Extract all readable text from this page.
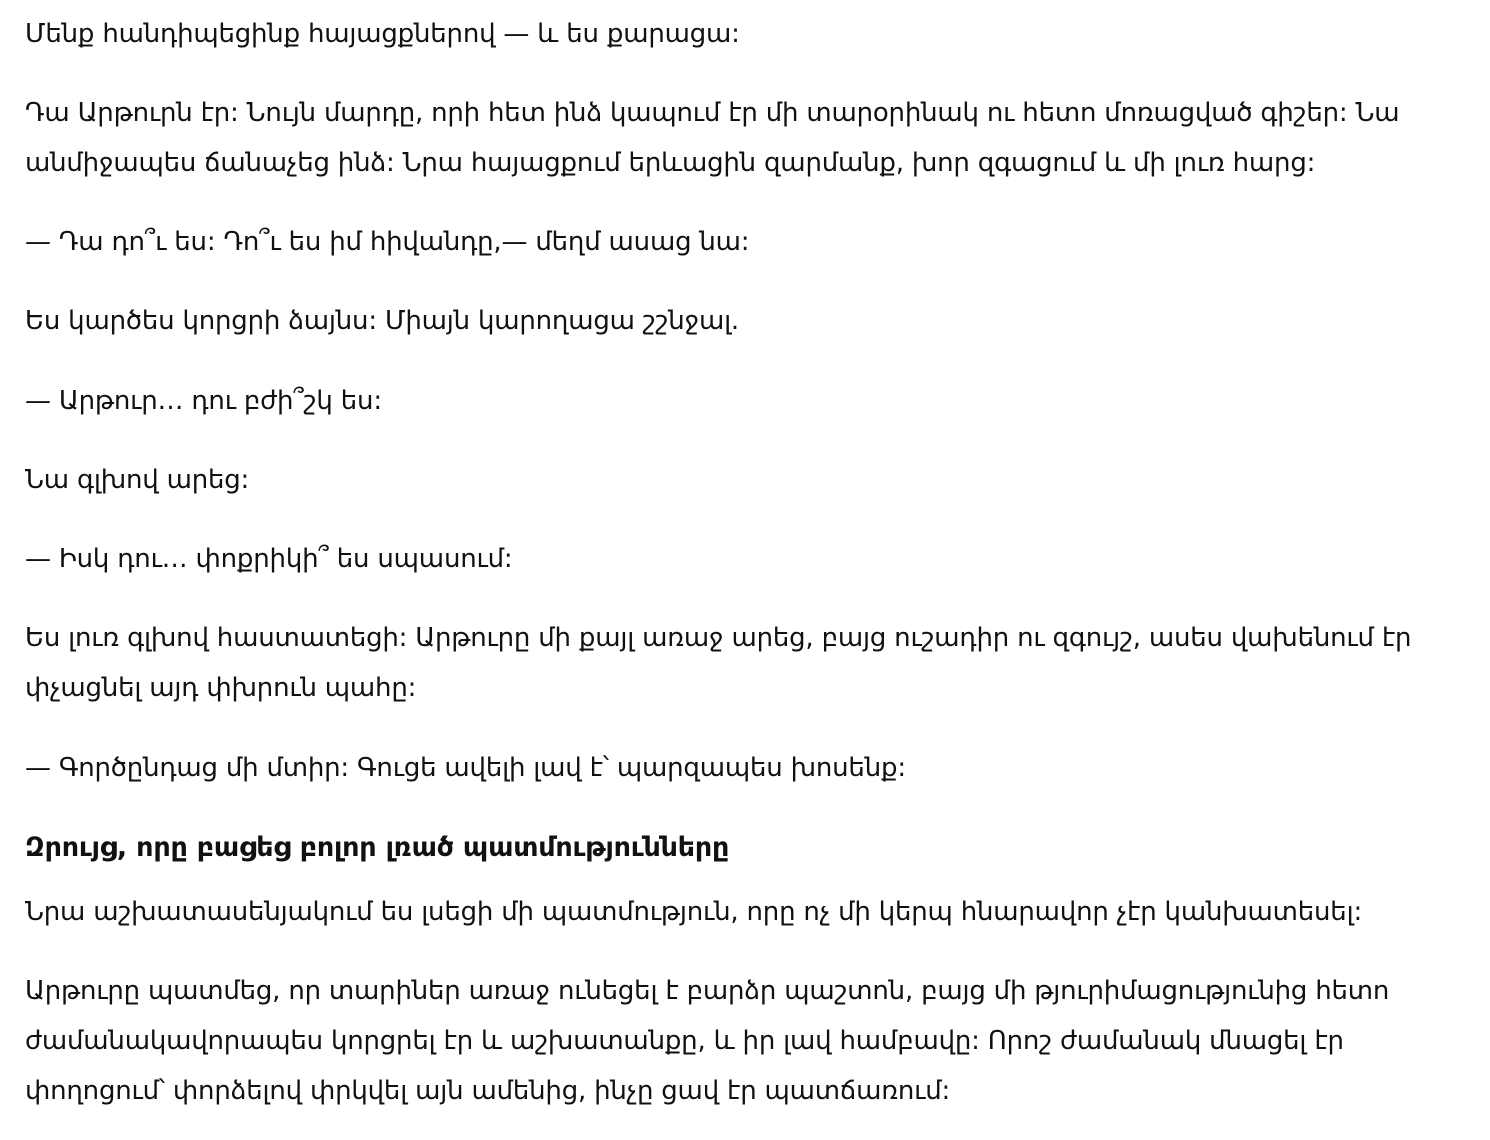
Մենք հանդիպեցինք հայացքներով — և ես քարացա:

Դա Արթուրն էր: Նույն մարդը, որի հետ ինձ կապում էր մի տարօրինակ ու հետո մոռացված գիշեր: Նա անմիջապես ճանաչեց ինձ: Նրա հայացքում երևացին զարմանք, խոր զգացում և մի լուռ հարց:

— Դա դո՞ւ ես: Դո՞ւ ես իմ հիվանդը,— մեղմ ասաց նա:

Ես կարծես կորցրի ձայնս: Միայն կարողացա շշնջալ.

— Արթուր… դու բժի՞շկ ես:

Նա գլխով արեց:

— Իսկ դու… փոքրիկի՞ ես սպասում:

Ես լուռ գլխով հաստատեցի: Արթուրը մի քայլ առաջ արեց, բայց ուշադիր ու զգույշ, ասես վախենում էր փչացնել այդ փխրուն պահը:

— Գործընդաց մի մտիր: Գուցե ավելի լավ է՝ պարզապես խոսենք:

Զրույց, որը բացեց բոլոր լռած պատմությունները

Նրա աշխատասենյակում ես լսեցի մի պատմություն, որը ոչ մի կերպ հնարավոր չէր կանխատեսել:

Արթուրը պատմեց, որ տարիներ առաջ ունեցել է բարձր պաշտոն, բայց մի թյուրիմացությունից հետո ժամանակավորապես կորցրել էր և աշխատանքը, և իր լավ համբավը: Որոշ ժամանակ մնացել էր փողոցում՝ փորձելով փրկվել այն ամենից, ինչը ցավ էր պատճառում:
